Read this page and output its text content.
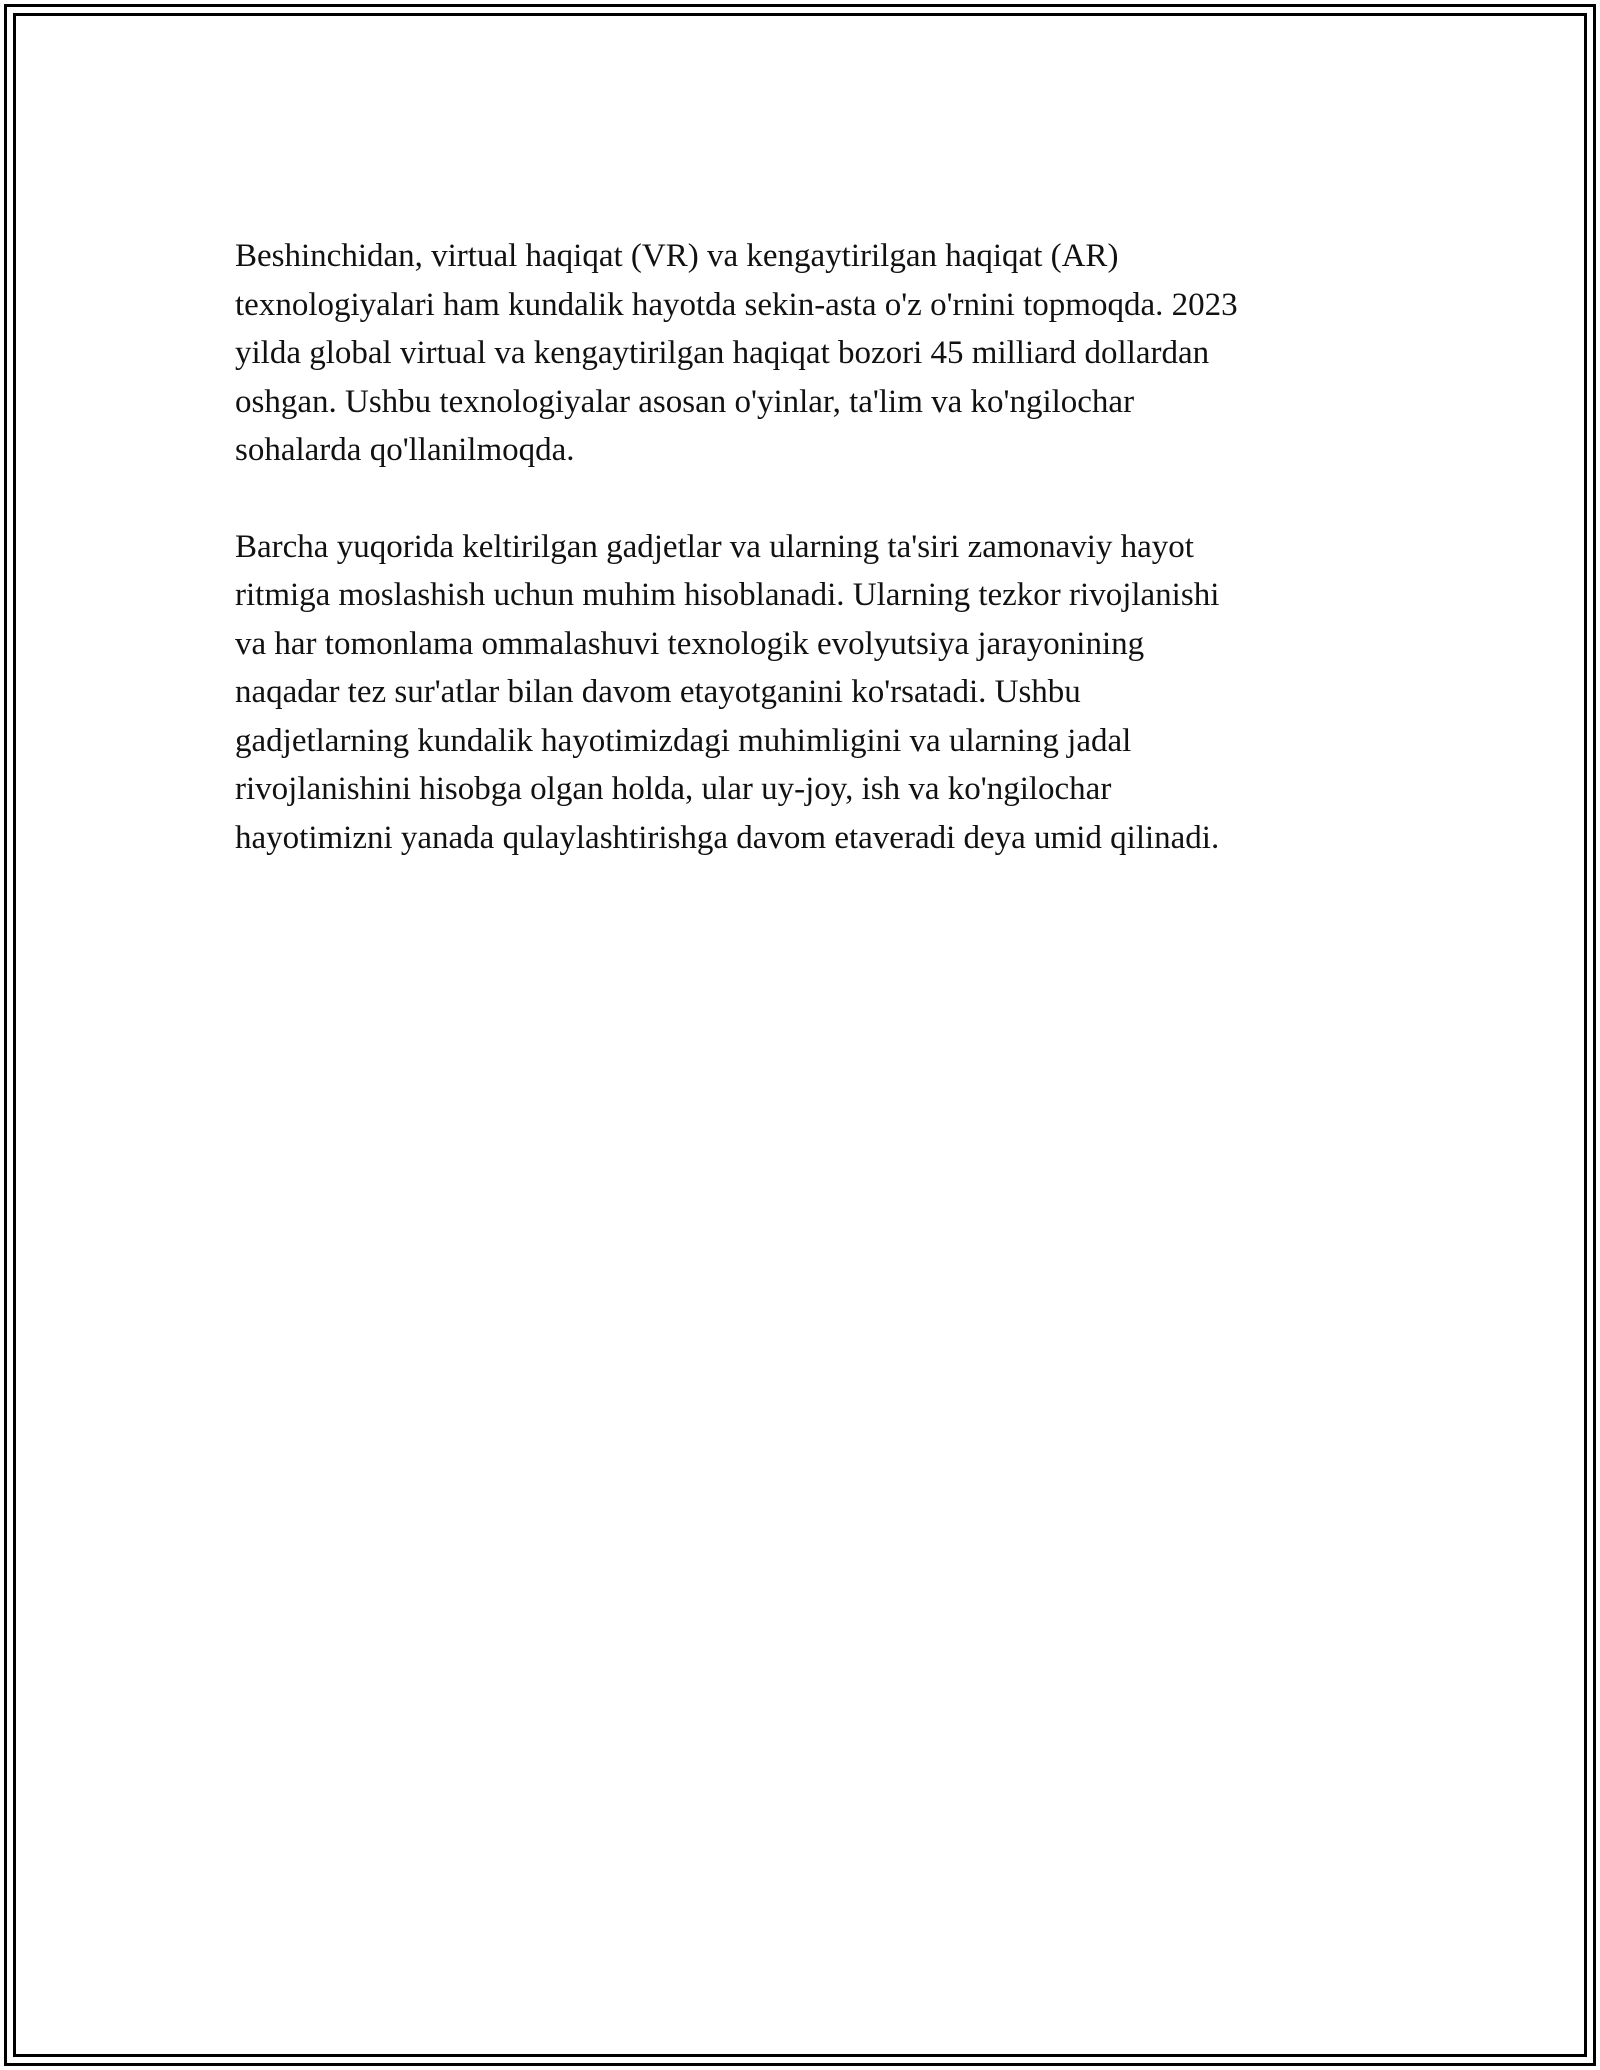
Beshinchidan, virtual haqiqat (VR) va kengaytirilgan haqiqat (AR)
texnologiyalari ham kundalik hayotda sekin-asta o'z o'rnini topmoqda. 2023
yilda global virtual va kengaytirilgan haqiqat bozori 45 milliard dollardan
oshgan. Ushbu texnologiyalar asosan o'yinlar, ta'lim va ko'ngilochar
sohalarda qo'llanilmoqda.

Barcha yuqorida keltirilgan gadjetlar va ularning ta'siri zamonaviy hayot
ritmiga moslashish uchun muhim hisoblanadi. Ularning tezkor rivojlanishi
va har tomonlama ommalashuvi texnologik evolyutsiya jarayonining
naqadar tez sur'atlar bilan davom etayotganini ko'rsatadi. Ushbu
gadjetlarning kundalik hayotimizdagi muhimligini va ularning jadal
rivojlanishini hisobga olgan holda, ular uy-joy, ish va ko'ngilochar
hayotimizni yanada qulaylashtirishga davom etaveradi deya umid qilinadi.
